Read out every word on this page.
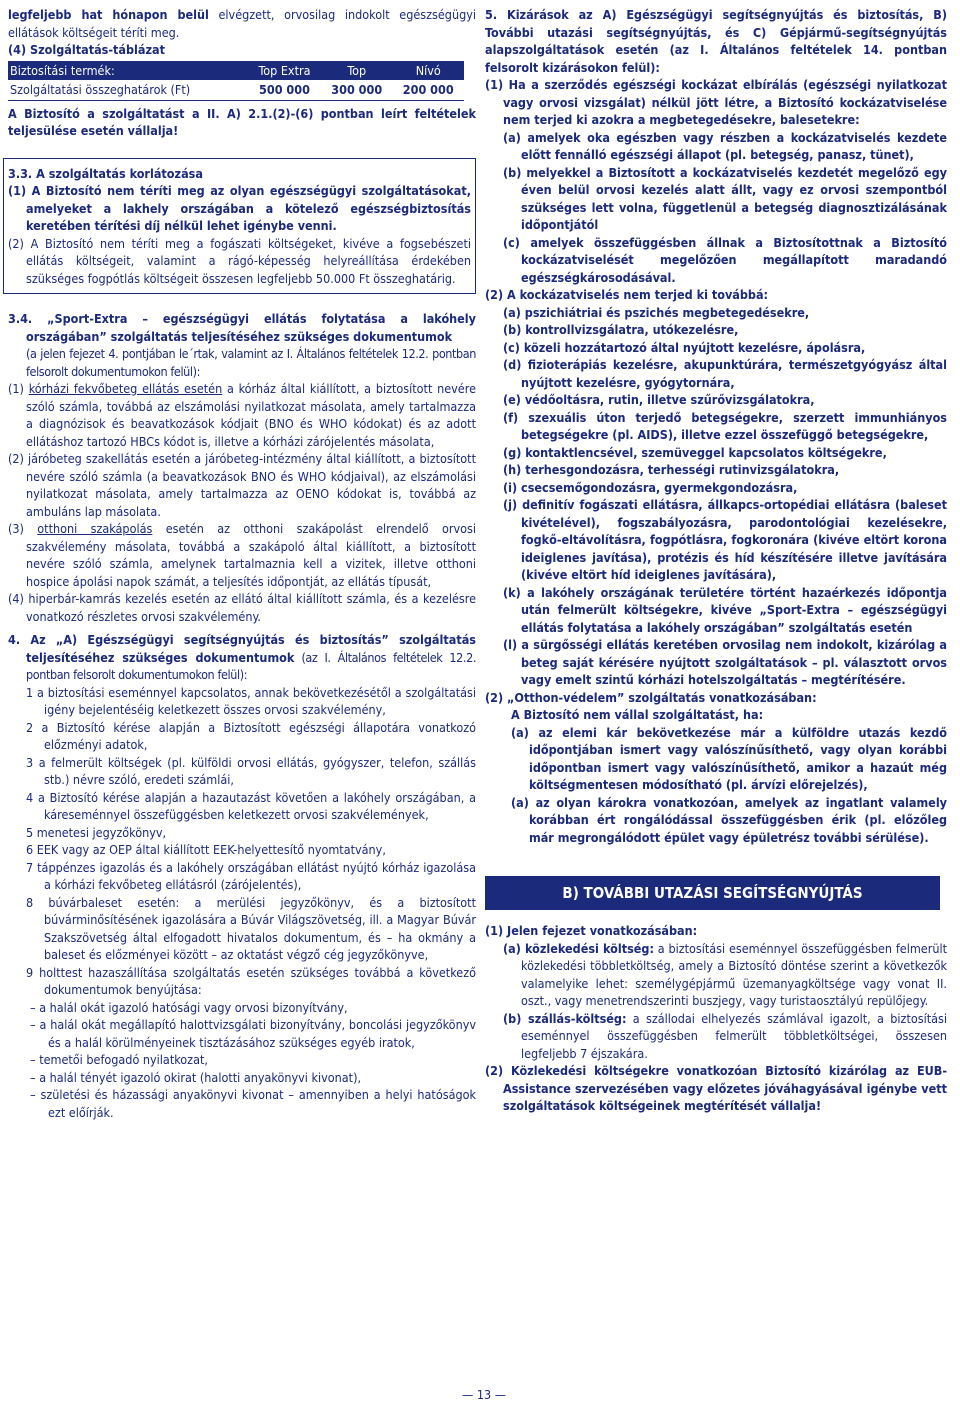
legfeljebb hat hónapon belül elvégzett, orvosilag indokolt egészségügyi ellátások költségeit téríti meg.

(4) Szolgáltatás-táblázat

Biztosítási termék:	Top Extra	Top	Nívó
Szolgáltatási összeghatárok (Ft)	500 000	300 000	200 000

A Biztosító a szolgáltatást a II. A) 2.1.(2)-(6) pontban leírt feltételek teljesülése esetén vállalja!

3.3. A szolgáltatás korlátozása

(1) A Biztosító nem téríti meg az olyan egészségügyi szolgáltatásokat, amelyeket a lakhely országában a kötelező egészségbiztosítás keretében térítési díj nélkül lehet igénybe venni.

(2) A Biztosító nem téríti meg a fogászati költségeket, kivéve a fogsebészeti ellátás költségeit, valamint a rágó-képesség helyreállítása érdekében szükséges fogpótlás költségeit összesen legfeljebb 50.000 Ft összeghatárig.

3.4. „Sport-Extra – egészségügyi ellátás folytatása a lakóhely országában” szolgáltatás teljesítéséhez szükséges dokumentumok

(a jelen fejezet 4. pontjában le´rtak, valamint az I. Általános feltételek 12.2. pontban felsorolt dokumentumokon felül):

(1) kórházi fekvőbeteg ellátás esetén a kórház által kiállított, a biztosított nevére szóló számla, továbbá az elszámolási nyilatkozat másolata, amely tartalmazza a diagnózisok és beavatkozások kódjait (BNO és WHO kódokat) és az adott ellátáshoz tartozó HBCs kódot is, illetve a kórházi zárójelentés másolata,

(2) járóbeteg szakellátás esetén a járóbeteg-intézmény által kiállított, a biztosított nevére szóló számla (a beavatkozások BNO és WHO kódjaival), az elszámolási nyilatkozat másolata, amely tartalmazza az OENO kódokat is, továbbá az ambuláns lap másolata.

(3) otthoni szakápolás esetén az otthoni szakápolást elrendelő orvosi szakvélemény másolata, továbbá a szakápoló által kiállított, a biztosított nevére szóló számla, amelynek tartalmaznia kell a vizitek, illetve otthoni hospice ápolási napok számát, a teljesítés időpontját, az ellátás típusát,

(4) hiperbár-kamrás kezelés esetén az ellátó által kiállított számla, és a kezelésre vonatkozó részletes orvosi szakvélemény.

4. Az „A) Egészségügyi segítségnyújtás és biztosítás” szolgáltatás teljesítéséhez szükséges dokumentumok (az I. Általános feltételek 12.2. pontban felsorolt dokumentumokon felül):

1 a biztosítási eseménnyel kapcsolatos, annak bekövetkezésétől a szolgáltatási igény bejelentéséig keletkezett összes orvosi szakvélemény,

2 a Biztosító kérése alapján a Biztosított egészségi állapotára vonatkozó előzményi adatok,

3 a felmerült költségek (pl. külföldi orvosi ellátás, gyógyszer, telefon, szállás stb.) névre szóló, eredeti számlái,

4 a Biztosító kérése alapján a hazautazást követően a lakóhely országában, a káreseménnyel összefüggésben keletkezett orvosi szakvélemények,

5 menetesi jegyzőkönyv,

6 EEK vagy az OEP által kiállított EEK-helyettesítő nyomtatvány,

7 táppénzes igazolás és a lakóhely országában ellátást nyújtó kórház igazolása a kórházi fekvőbeteg ellátásról (zárójelentés),

8 búvárbaleset esetén: a merülési jegyzőkönyv, és a biztosított búvárminősítésének igazolására a Búvár Világszövetség, ill. a Magyar Búvár Szakszövetség által elfogadott hivatalos dokumentum, és – ha okmány a baleset és előzményei között – az oktatást végző cég jegyzőkönyve,

9 holttest hazaszállítása szolgáltatás esetén szükséges továbbá a következő dokumentumok benyújtása:

– a halál okát igazoló hatósági vagy orvosi bizonyítvány,

– a halál okát megállapító halottvizsgálati bizonyítvány, boncolási jegyzőkönyv és a halál körülményeinek tisztázásához szükséges egyéb iratok,

– temetői befogadó nyilatkozat,

– a halál tényét igazoló okirat (halotti anyakönyvi kivonat),

– születési és házassági anyakönyvi kivonat – amennyiben a helyi hatóságok ezt előírják.

5. Kizárások az A) Egészségügyi segítségnyújtás és biztosítás, B) További utazási segítségnyújtás, és C) Gépjármű-segítségnyújtás alapszolgáltatások esetén (az I. Általános feltételek 14. pontban felsorolt kizárásokon felül):

(1) Ha a szerződés egészségi kockázat elbírálás (egészségi nyilatkozat vagy orvosi vizsgálat) nélkül jött létre, a Biztosító kockázatviselése nem terjed ki azokra a megbetegedésekre, balesetekre:

(a) amelyek oka egészben vagy részben a kockázatviselés kezdete előtt fennálló egészségi állapot (pl. betegség, panasz, tünet),

(b) melyekkel a Biztosított a kockázatviselés kezdetét megelőző egy éven belül orvosi kezelés alatt állt, vagy ez orvosi szempontból szükséges lett volna, függetlenül a betegség diagnosztizálásának időpontjától

(c) amelyek összefüggésben állnak a Biztosítottnak a Biztosító kockázatviselését megelőzően megállapított maradandó egészségkárosodásával.

(2) A kockázatviselés nem terjed ki továbbá:

(a) pszichiátriai és pszichés megbetegedésekre,

(b) kontrollvizsgálatra, utókezelésre,

(c) közeli hozzátartozó által nyújtott kezelésre, ápolásra,

(d) fizioterápiás kezelésre, akupunktúrára, természetgyógyász által nyújtott kezelésre, gyógytornára,

(e) védőoltásra, rutin, illetve szűrővizsgálatokra,

(f) szexuális úton terjedő betegségekre, szerzett immunhiányos betegségekre (pl. AIDS), illetve ezzel összefüggő betegségekre,

(g) kontaktlencsével, szemüveggel kapcsolatos költségekre,

(h) terhesgondozásra, terhességi rutinvizsgálatokra,

(i) csecsemőgondozásra, gyermekgondozásra,

(j) definitív fogászati ellátásra, állkapcs-ortopédiai ellátásra (baleset kivételével), fogszabályozásra, parodontológiai kezelésekre, fogkő-eltávolításra, fogpótlásra, fogkoronára (kivéve eltört korona ideiglenes javítása), protézis és híd készítésére illetve javítására (kivéve eltört híd ideiglenes javítására),

(k) a lakóhely országának területére történt hazaérkezés időpontja után felmerült költségekre, kivéve „Sport-Extra – egészségügyi ellátás folytatása a lakóhely országában” szolgáltatás esetén

(l) a sürgősségi ellátás keretében orvosilag nem indokolt, kizárólag a beteg saját kérésére nyújtott szolgáltatások – pl. választott orvos vagy emelt szintű kórházi hotelszolgáltatás – megtérítésére.

(2) „Otthon-védelem” szolgáltatás vonatkozásában:

A Biztosító nem vállal szolgáltatást, ha:

(a) az elemi kár bekövetkezése már a külföldre utazás kezdő időpontjában ismert vagy valószínűsíthető, vagy olyan korábbi időpontban ismert vagy valószínűsíthető, amikor a hazaút még költségmentesen módosítható (pl. árvízi előrejelzés),

(a) az olyan károkra vonatkozóan, amelyek az ingatlant valamely korábban ért rongálódással összefüggésben érik (pl. előzőleg már megrongálódott épület vagy épületrész további sérülése).

B) TOVÁBBI UTAZÁSI SEGÍTSÉGNYÚJTÁS

(1) Jelen fejezet vonatkozásában:

(a) közlekedési költség: a biztosítási eseménnyel összefüggésben felmerült közlekedési többletköltség, amely a Biztosító döntése szerint a következők valamelyike lehet: személygépjármű üzemanyagköltsége vagy vonat II. oszt., vagy menetrendszerinti buszjegy, vagy turistaosztályú repülőjegy.

(b) szállás-költség: a szállodai elhelyezés számlával igazolt, a biztosítási eseménnyel összefüggésben felmerült többletköltségei, összesen legfeljebb 7 éjszakára.

(2) Közlekedési költségekre vonatkozóan Biztosító kizárólag az EUB-Assistance szervezésében vagy előzetes jóváhagyásával igénybe vett szolgáltatások költségeinek megtérítését vállalja!

— 13 —
